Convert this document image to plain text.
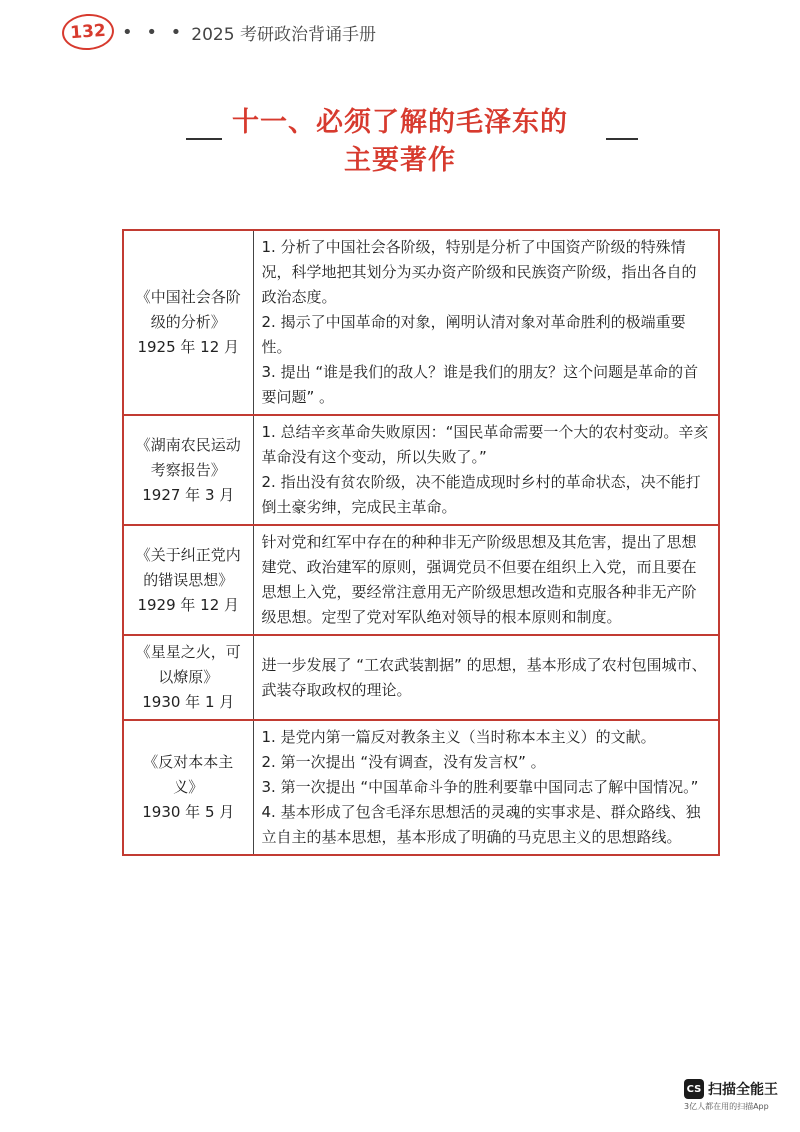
132 • • • 2025 考研政治背诵手册
十一、必须了解的毛泽东的
主要著作
《中国社会各阶级的分析》
1925 年 12 月	1. 分析了中国社会各阶级，特别是分析了中国资产阶级的特殊情况，科学地把其划分为买办资产阶级和民族资产阶级，指出各自的政治态度。
2. 揭示了中国革命的对象，阐明认清对象对革命胜利的极端重要性。
3. 提出 “谁是我们的敌人？谁是我们的朋友？这个问题是革命的首要问题” 。

《湖南农民运动考察报告》
1927 年 3 月	1. 总结辛亥革命失败原因：“国民革命需要一个大的农村变动。辛亥革命没有这个变动，所以失败了。”
2. 指出没有贫农阶级，决不能造成现时乡村的革命状态，决不能打倒土豪劣绅，完成民主革命。

《关于纠正党内的错误思想》
1929 年 12 月	针对党和红军中存在的种种非无产阶级思想及其危害，提出了思想建党、政治建军的原则，强调党员不但要在组织上入党，而且要在思想上入党，要经常注意用无产阶级思想改造和克服各种非无产阶级思想。定型了党对军队绝对领导的根本原则和制度。

《星星之火，可以燎原》
1930 年 1 月	进一步发展了 “工农武装割据” 的思想，基本形成了农村包围城市、武装夺取政权的理论。

《反对本本主义》
1930 年 5 月	1. 是党内第一篇反对教条主义（当时称本本主义）的文献。
2. 第一次提出 “没有调查，没有发言权” 。
3. 第一次提出 “中国革命斗争的胜利要靠中国同志了解中国情况。”
4. 基本形成了包含毛泽东思想活的灵魂的实事求是、群众路线、独立自主的基本思想，基本形成了明确的马克思主义的思想路线。
CS 扫描全能王
3亿人都在用的扫描App
